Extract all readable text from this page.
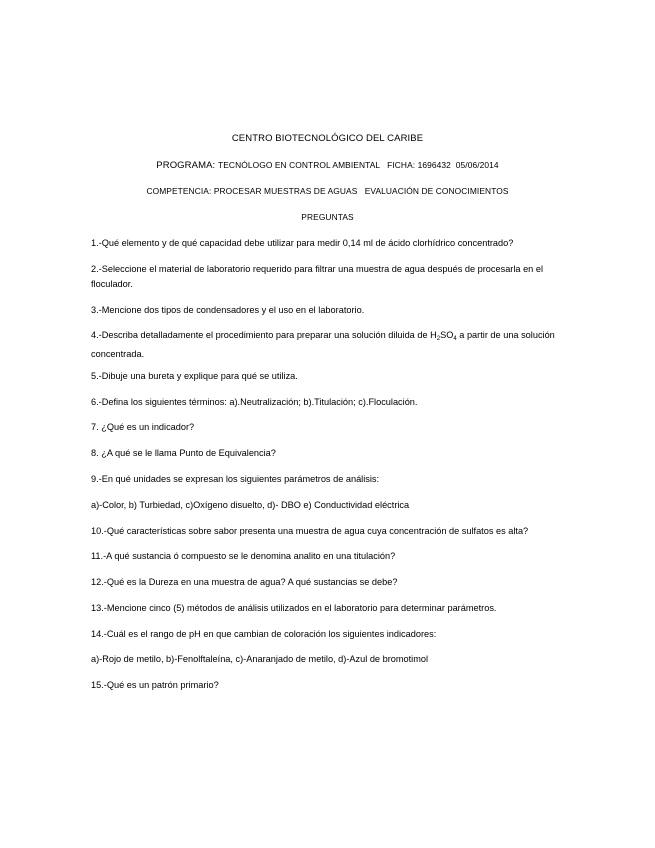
CENTRO BIOTECNOLÓGICO DEL CARIBE
PROGRAMA: TECNÓLOGO EN CONTROL AMBIENTAL   FICHA: 1696432  05/06/2014
COMPETENCIA: PROCESAR MUESTRAS DE AGUAS   EVALUACIÓN DE CONOCIMIENTOS
PREGUNTAS
1.-Qué elemento y de qué capacidad debe utilizar para medir 0,14 ml de ácido clorhídrico concentrado?
2.-Seleccione el material de laboratorio requerido para filtrar una muestra de agua después de procesarla en el floculador.
3.-Mencione dos tipos de condensadores y el uso en el laboratorio.
4.-Describa detalladamente el procedimiento para preparar una solución diluida de $H_2SO_4$ a partir de una solución concentrada.
5.-Dibuje una bureta y explique para qué se utiliza.
6.-Defina los siguientes términos: a).Neutralización; b).Titulación; c).Floculación.
7. ¿Qué es un indicador?
8. ¿A qué se le llama Punto de Equivalencia?
9.-En qué unidades se expresan los siguientes parámetros de análisis:
a)-Color, b) Turbiedad, c)Oxígeno disuelto, d)- DBO e) Conductividad eléctrica
10.-Qué características sobre sabor presenta una muestra de agua cuya concentración de sulfatos es alta?
11.-A qué sustancia ó compuesto se le denomina analito en una titulación?
12.-Qué es la Dureza en una muestra de agua? A qué sustancias se debe?
13.-Mencione cinco (5) métodos de análisis utilizados en el laboratorio para determinar parámetros.
14.-Cuál es el rango de pH en que cambian de coloración los siguientes indicadores:
a)-Rojo de metilo, b)-Fenolftaleína, c)-Anaranjado de metilo, d)-Azul de bromotimol
15.-Qué es un patrón primario?
